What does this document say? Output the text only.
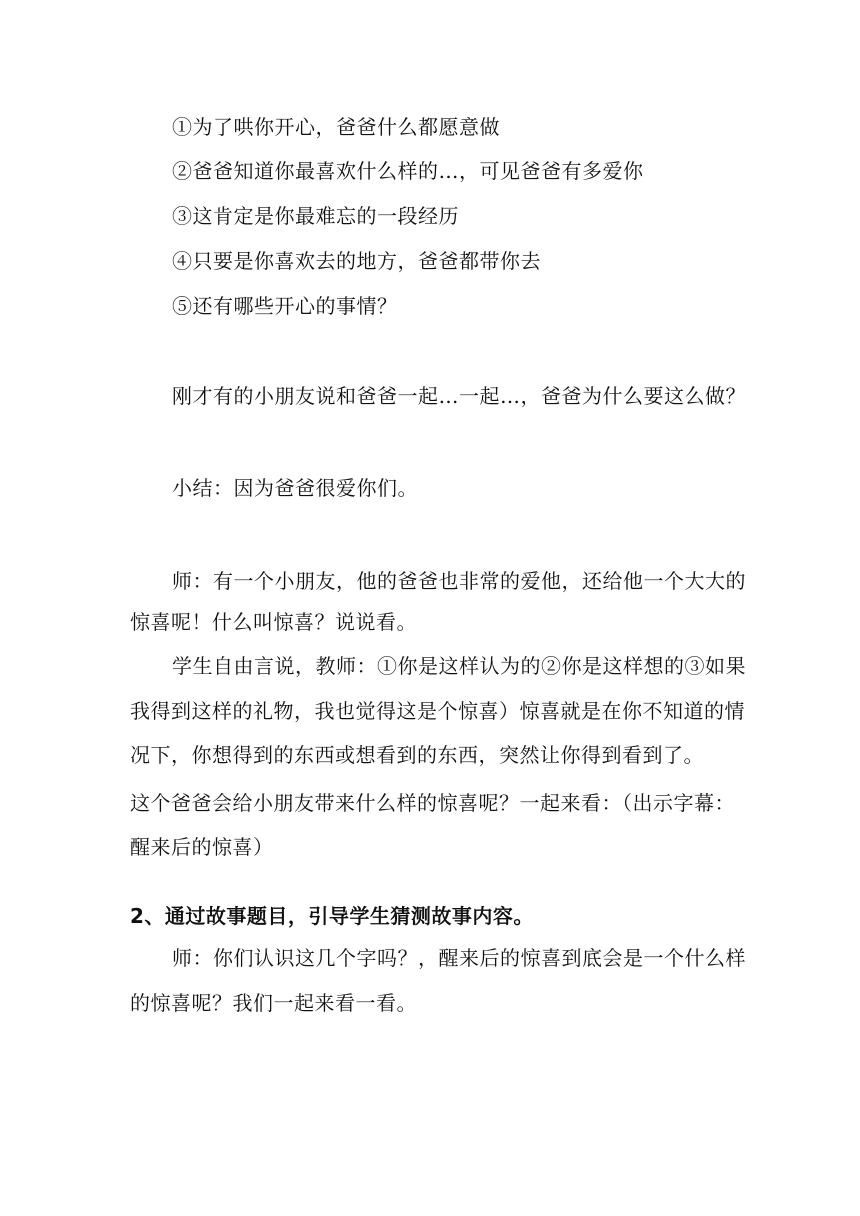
①为了哄你开心，爸爸什么都愿意做
②爸爸知道你最喜欢什么样的…，可见爸爸有多爱你
③这肯定是你最难忘的一段经历
④只要是你喜欢去的地方，爸爸都带你去
⑤还有哪些开心的事情？
刚才有的小朋友说和爸爸一起…一起…，爸爸为什么要这么做？
小结：因为爸爸很爱你们。
师：有一个小朋友，他的爸爸也非常的爱他，还给他一个大大的
惊喜呢！什么叫惊喜？说说看。
学生自由言说，教师：①你是这样认为的②你是这样想的③如果
我得到这样的礼物，我也觉得这是个惊喜）惊喜就是在你不知道的情
况下，你想得到的东西或想看到的东西，突然让你得到看到了。
这个爸爸会给小朋友带来什么样的惊喜呢？一起来看：（出示字幕：
醒来后的惊喜）
2、通过故事题目，引导学生猜测故事内容。
师：你们认识这几个字吗？，醒来后的惊喜到底会是一个什么样
的惊喜呢？我们一起来看一看。
